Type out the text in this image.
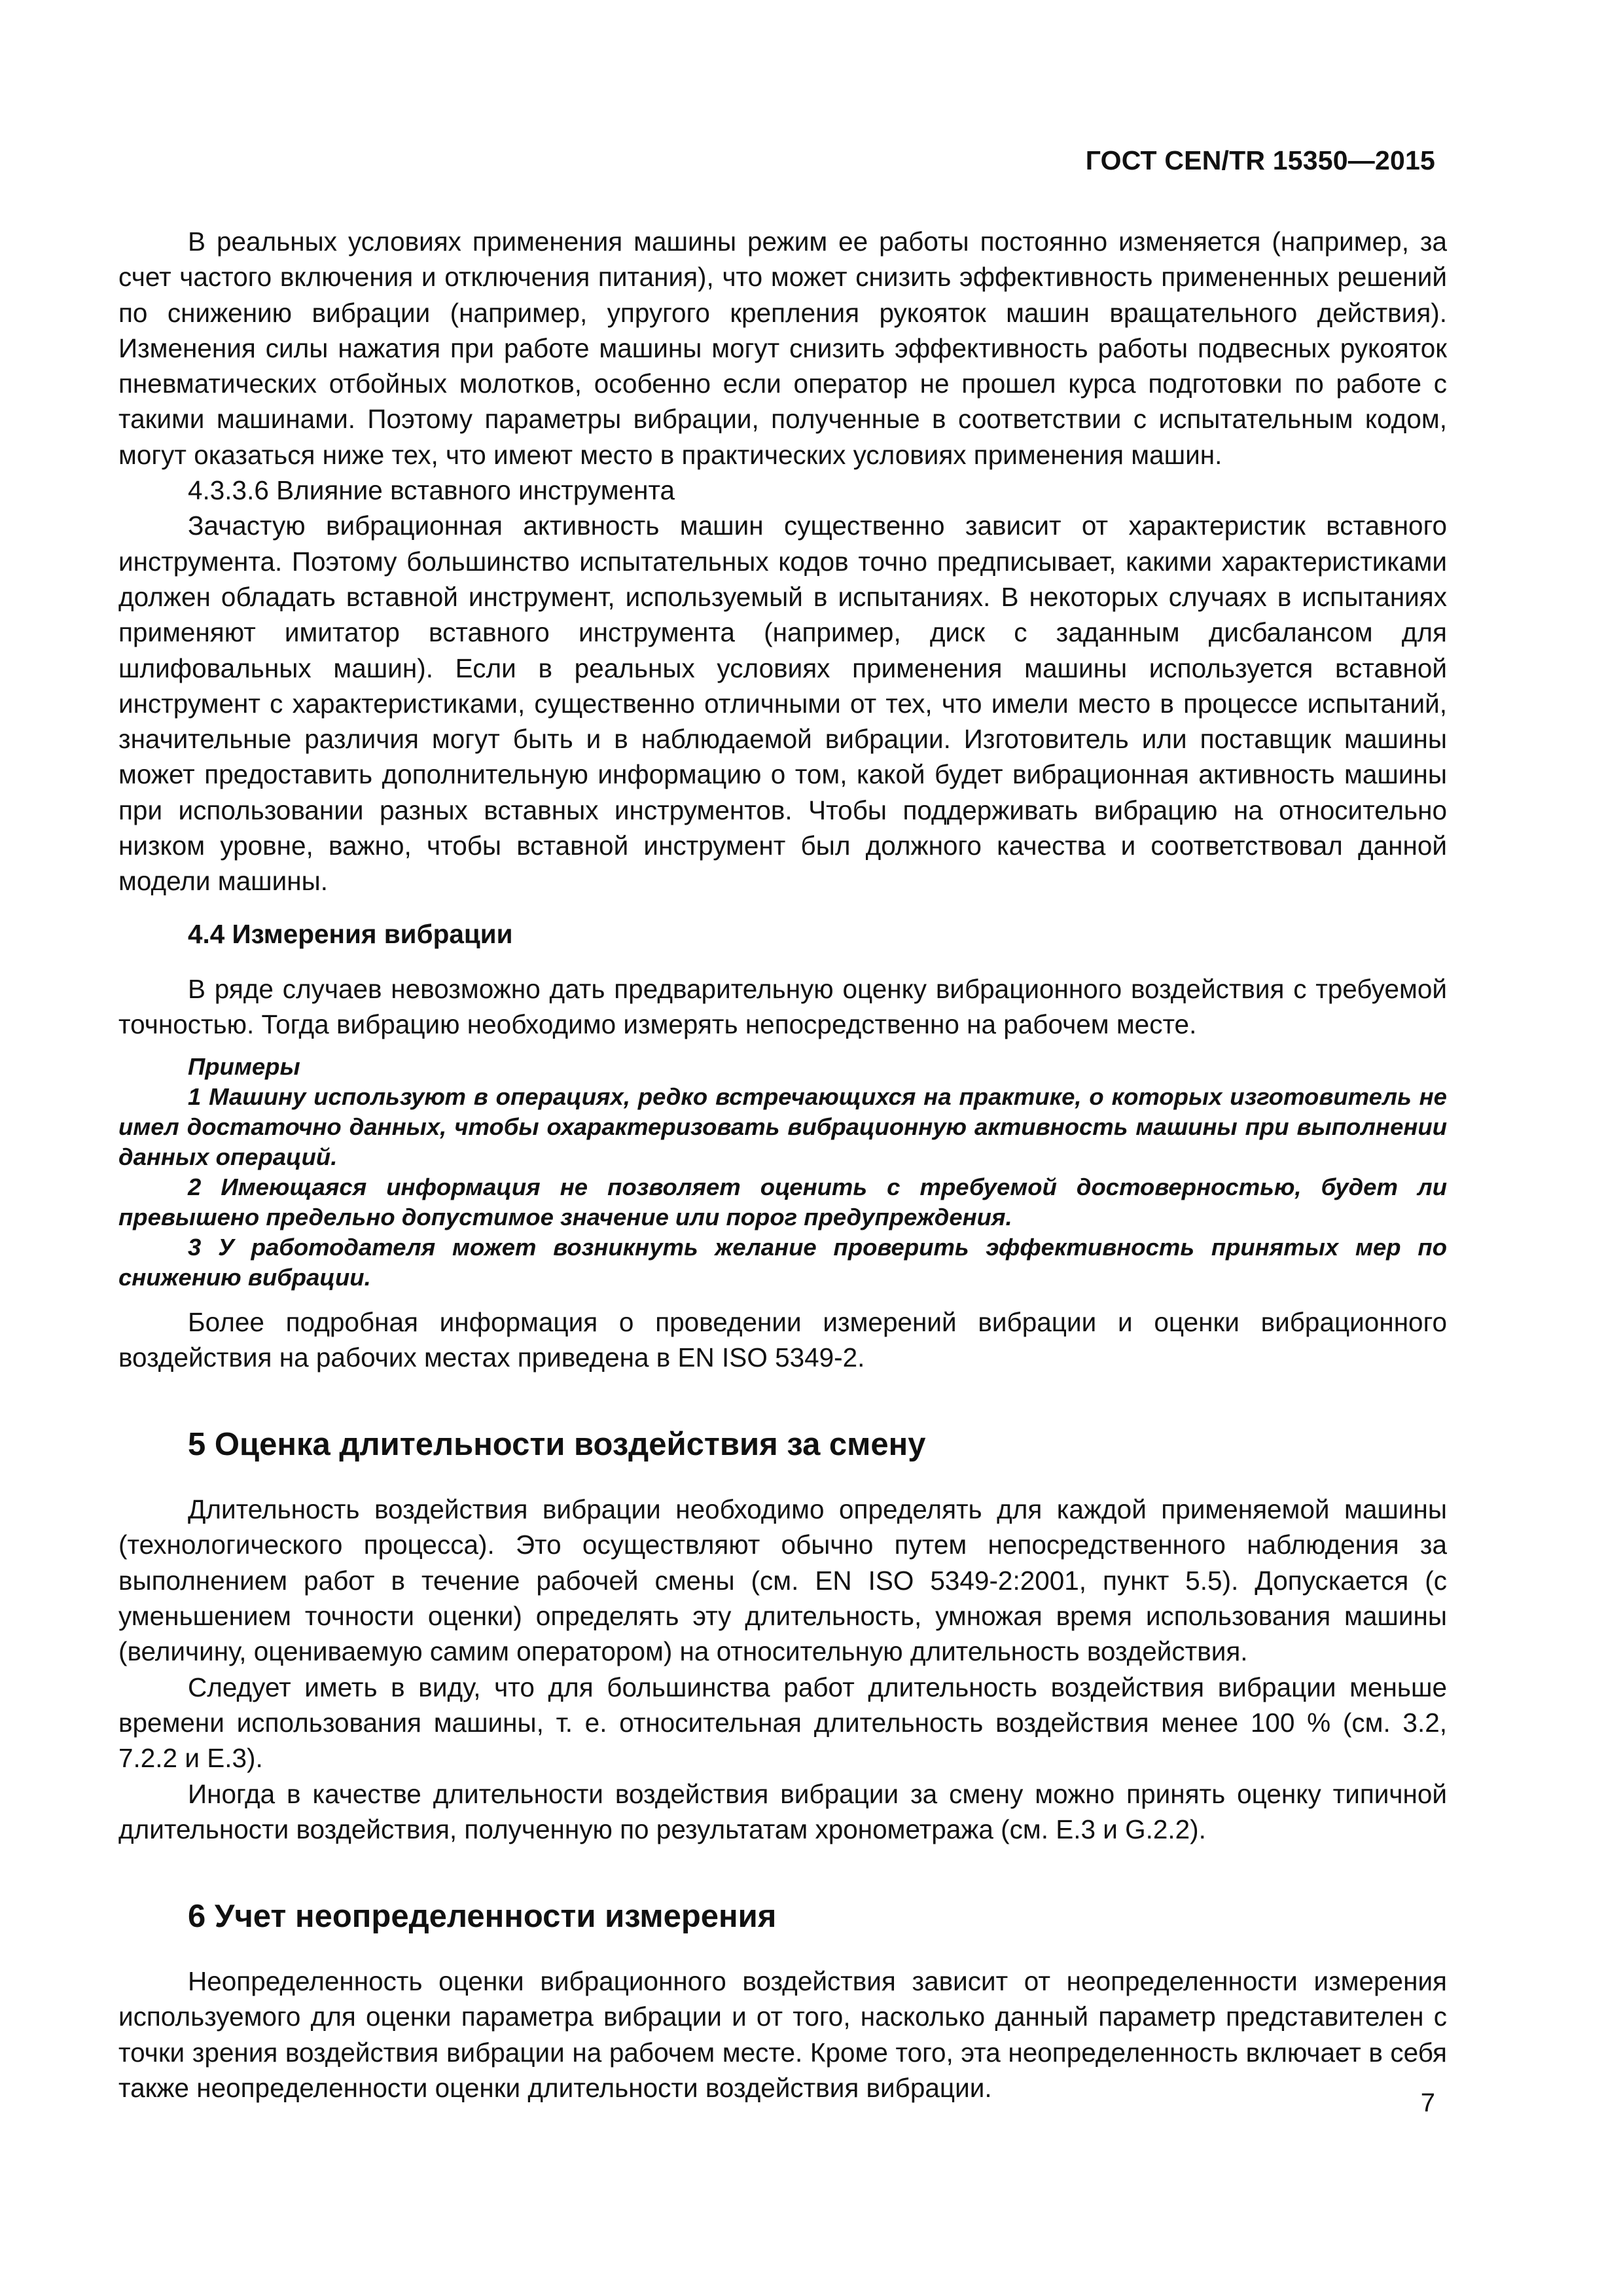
ГОСТ CEN/TR 15350—2015

В реальных условиях применения машины режим ее работы постоянно изменяется (например, за счет частого включения и отключения питания), что может снизить эффективность примененных решений по снижению вибрации (например, упругого крепления рукояток машин вращательного действия). Изменения силы нажатия при работе машины могут снизить эффективность работы подвесных рукояток пневматических отбойных молотков, особенно если оператор не прошел курса подготовки по работе с такими машинами. Поэтому параметры вибрации, полученные в соответствии с испытательным кодом, могут оказаться ниже тех, что имеют место в практических условиях применения машин.

4.3.3.6 Влияние вставного инструмента

Зачастую вибрационная активность машин существенно зависит от характеристик вставного инструмента. Поэтому большинство испытательных кодов точно предписывает, какими характеристиками должен обладать вставной инструмент, используемый в испытаниях. В некоторых случаях в испытаниях применяют имитатор вставного инструмента (например, диск с заданным дисбалансом для шлифовальных машин). Если в реальных условиях применения машины используется вставной инструмент с характеристиками, существенно отличными от тех, что имели место в процессе испытаний, значительные различия могут быть и в наблюдаемой вибрации. Изготовитель или поставщик машины может предоставить дополнительную информацию о том, какой будет вибрационная активность машины при использовании разных вставных инструментов. Чтобы поддерживать вибрацию на относительно низком уровне, важно, чтобы вставной инструмент был должного качества и соответствовал данной модели машины.

4.4 Измерения вибрации

В ряде случаев невозможно дать предварительную оценку вибрационного воздействия с требуемой точностью. Тогда вибрацию необходимо измерять непосредственно на рабочем месте.

Примеры

1 Машину используют в операциях, редко встречающихся на практике, о которых изготовитель не имел достаточно данных, чтобы охарактеризовать вибрационную активность машины при выполнении данных операций.

2 Имеющаяся информация не позволяет оценить с требуемой достоверностью, будет ли превышено предельно допустимое значение или порог предупреждения.

3 У работодателя может возникнуть желание проверить эффективность принятых мер по снижению вибрации.

Более подробная информация о проведении измерений вибрации и оценки вибрационного воздействия на рабочих местах приведена в EN ISO 5349-2.

5 Оценка длительности воздействия за смену

Длительность воздействия вибрации необходимо определять для каждой применяемой машины (технологического процесса). Это осуществляют обычно путем непосредственного наблюдения за выполнением работ в течение рабочей смены (см. EN ISO 5349-2:2001, пункт 5.5). Допускается (с уменьшением точности оценки) определять эту длительность, умножая время использования машины (величину, оцениваемую самим оператором) на относительную длительность воздействия.

Следует иметь в виду, что для большинства работ длительность воздействия вибрации меньше времени использования машины, т. е. относительная длительность воздействия менее 100 % (см. 3.2, 7.2.2 и E.3).

Иногда в качестве длительности воздействия вибрации за смену можно принять оценку типичной длительности воздействия, полученную по результатам хронометража (см. E.3 и G.2.2).

6 Учет неопределенности измерения

Неопределенность оценки вибрационного воздействия зависит от неопределенности измерения используемого для оценки параметра вибрации и от того, насколько данный параметр представителен с точки зрения воздействия вибрации на рабочем месте. Кроме того, эта неопределенность включает в себя также неопределенности оценки длительности воздействия вибрации.

7
